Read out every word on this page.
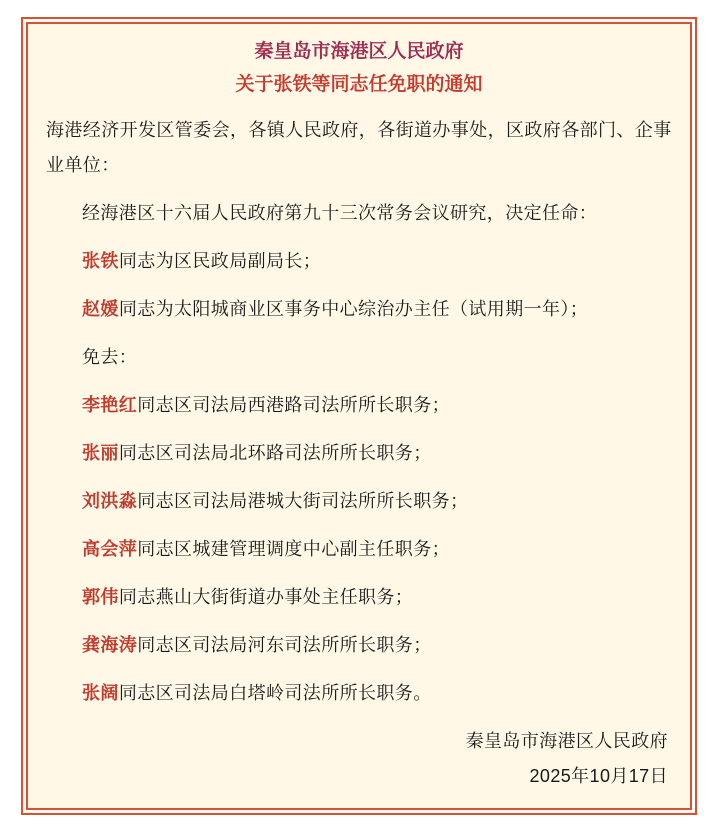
秦皇岛市海港区人民政府
关于张铁等同志任免职的通知

海港经济开发区管委会，各镇人民政府，各街道办事处，区政府各部门、企事
业单位：

经海港区十六届人民政府第九十三次常务会议研究，决定任命：

张铁同志为区民政局副局长；

赵媛同志为太阳城商业区事务中心综治办主任（试用期一年）；

免去：

李艳红同志区司法局西港路司法所所长职务；

张丽同志区司法局北环路司法所所长职务；

刘洪淼同志区司法局港城大街司法所所长职务；

高会萍同志区城建管理调度中心副主任职务；

郭伟同志燕山大街街道办事处主任职务；

龚海涛同志区司法局河东司法所所长职务；

张阔同志区司法局白塔岭司法所所长职务。

秦皇岛市海港区人民政府

2025年10月17日
